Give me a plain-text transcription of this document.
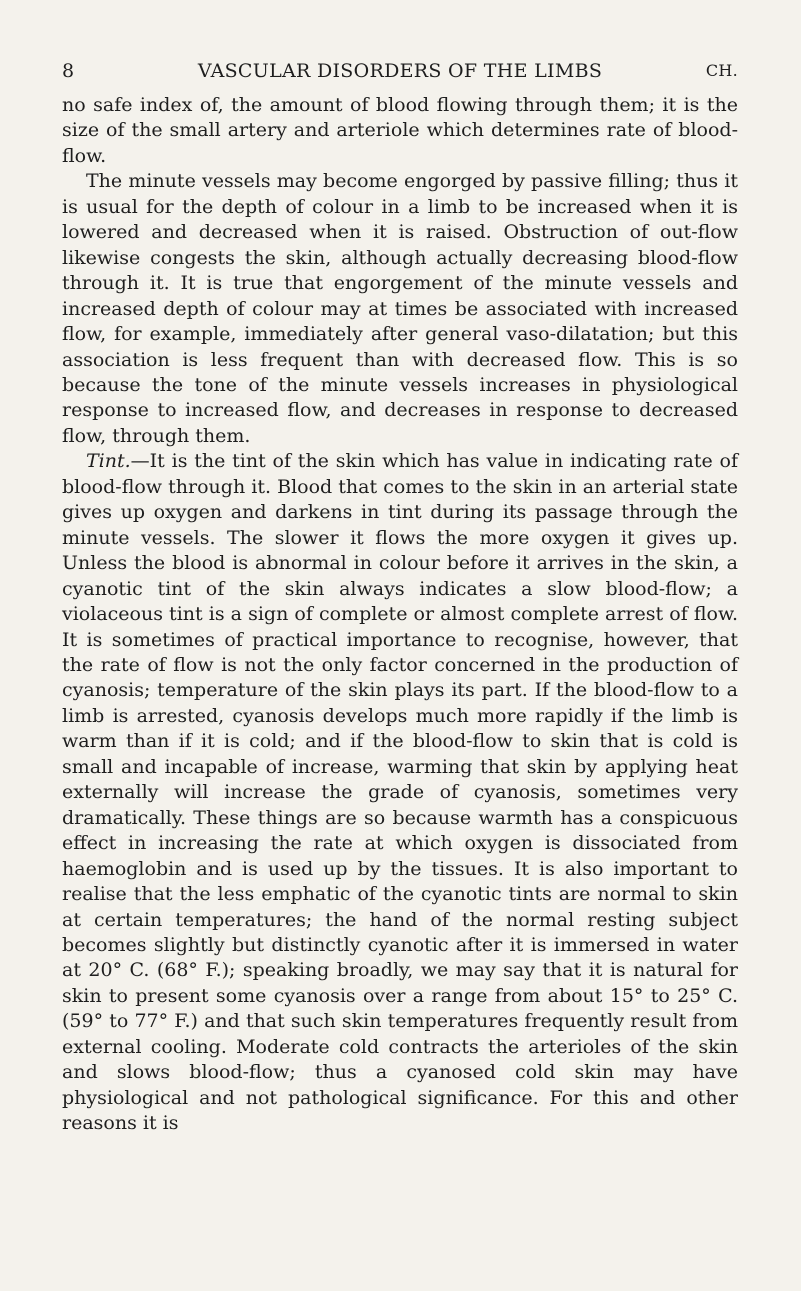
8	VASCULAR DISORDERS OF THE LIMBS	CH.

no safe index of, the amount of blood flowing through them; it is the size of the small artery and arteriole which determines rate of blood-flow.

The minute vessels may become engorged by passive filling; thus it is usual for the depth of colour in a limb to be increased when it is lowered and decreased when it is raised. Obstruction of out-flow likewise congests the skin, although actually decreasing blood-flow through it. It is true that engorgement of the minute vessels and increased depth of colour may at times be associated with increased flow, for example, immediately after general vaso-dilatation; but this association is less frequent than with decreased flow. This is so because the tone of the minute vessels increases in physiological response to increased flow, and decreases in response to decreased flow, through them.

Tint.—It is the tint of the skin which has value in indicating rate of blood-flow through it. Blood that comes to the skin in an arterial state gives up oxygen and darkens in tint during its passage through the minute vessels. The slower it flows the more oxygen it gives up. Unless the blood is abnormal in colour before it arrives in the skin, a cyanotic tint of the skin always indicates a slow blood-flow; a violaceous tint is a sign of complete or almost complete arrest of flow. It is sometimes of practical importance to recognise, however, that the rate of flow is not the only factor concerned in the production of cyanosis; temperature of the skin plays its part. If the blood-flow to a limb is arrested, cyanosis develops much more rapidly if the limb is warm than if it is cold; and if the blood-flow to skin that is cold is small and incapable of increase, warming that skin by applying heat externally will increase the grade of cyanosis, sometimes very dramatically. These things are so because warmth has a conspicuous effect in increasing the rate at which oxygen is dissociated from haemoglobin and is used up by the tissues. It is also important to realise that the less emphatic of the cyanotic tints are normal to skin at certain temperatures; the hand of the normal resting subject becomes slightly but distinctly cyanotic after it is immersed in water at 20° C. (68° F.); speaking broadly, we may say that it is natural for skin to present some cyanosis over a range from about 15° to 25° C. (59° to 77° F.) and that such skin temperatures frequently result from external cooling. Moderate cold contracts the arterioles of the skin and slows blood-flow; thus a cyanosed cold skin may have physiological and not pathological significance. For this and other reasons it is
